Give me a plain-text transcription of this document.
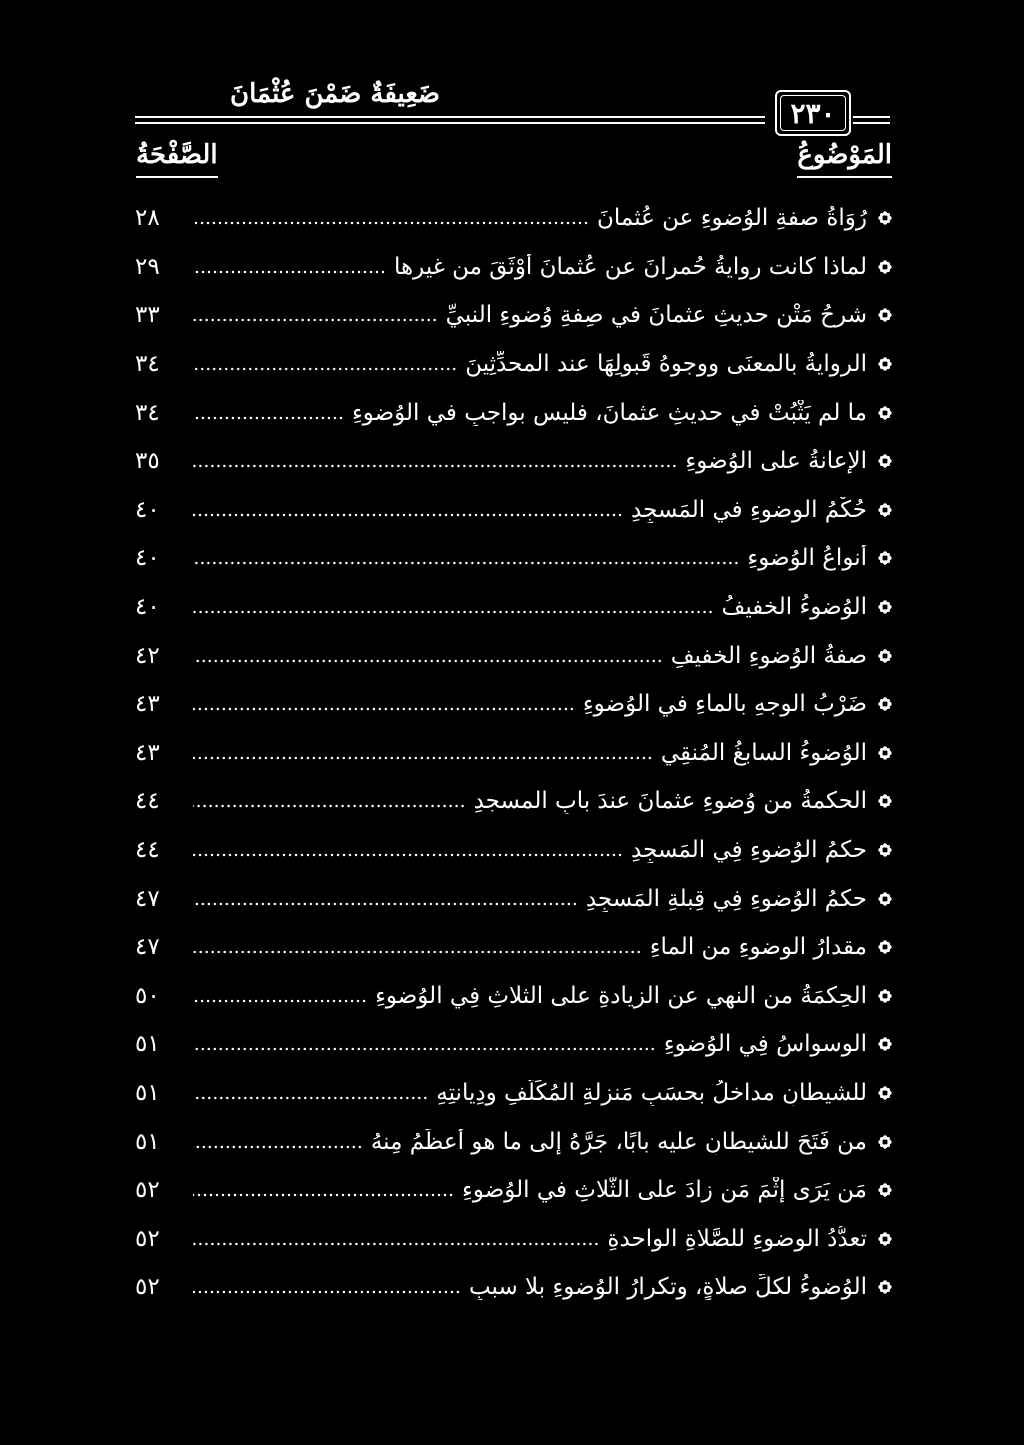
ضَعِيفَةٌ ضَمْنَ عُثْمَانَ
٢٣٠
المَوْضُوعُ
الصَّفْحَةُ
رُوَاةُ صفةِ الوُضوءِ عن عُثمانَ
٢٨
لماذا كانت روايةُ حُمرانَ عن عُثمانَ أَوْثَقَ من غيرِها
٢٩
شرحُ مَتْنِ حديثِ عثمانَ في صِفةِ وُضوءِ النبيِّ
٣٣
الروايةُ بالمعنَى ووجوهُ قَبولِهَا عند المحدِّثِينَ
٣٤
ما لم يَثْبُتْ في حديثِ عثمانَ، فليس بواجبٍ في الوُضوءِ
٣٤
الإعانةُ على الوُضوءِ
٣٥
حُكْمُ الوضوءِ في المَسجِدِ
٤٠
أنواعُ الوُضوءِ
٤٠
الوُضوءُ الخفيفُ
٤٠
صفةُ الوُضوءِ الخفيفِ
٤٢
ضَرْبُ الوجهِ بالماءِ في الوُضوءِ
٤٣
الوُضوءُ السابغُ المُنقِي
٤٣
الحكمةُ من وُضوءِ عثمانَ عندَ بابِ المسجدِ
٤٤
حكمُ الوُضوءِ فِي المَسجِدِ
٤٤
حكمُ الوُضوءِ فِي قِبلةِ المَسجِدِ
٤٧
مقدارُ الوضوءِ من الماءِ
٤٧
الحِكمَةُ من النهيِ عن الزيادةِ على الثلاثِ فِي الوُضوءِ
٥٠
الوسواسُ فِي الوُضوءِ
٥١
للشيطانِ مداخلُ بحسَبِ مَنزلةِ المُكَلَّفِ ودِيانتِهِ
٥١
من فَتَحَ للشيطانِ عليه بابًا، جَرَّهُ إلى ما هو أعظَمُ مِنهُ
٥١
مَن يَرَى إِثْمَ مَن زادَ على الثَّلاثِ في الوُضوءِ
٥٢
تعدُّدُ الوضوءِ للصَّلاةِ الواحدةِ
٥٢
الوُضوءُ لكلِّ صلاةٍ، وتكرارُ الوُضوءِ بلا سببٍ
٥٢
